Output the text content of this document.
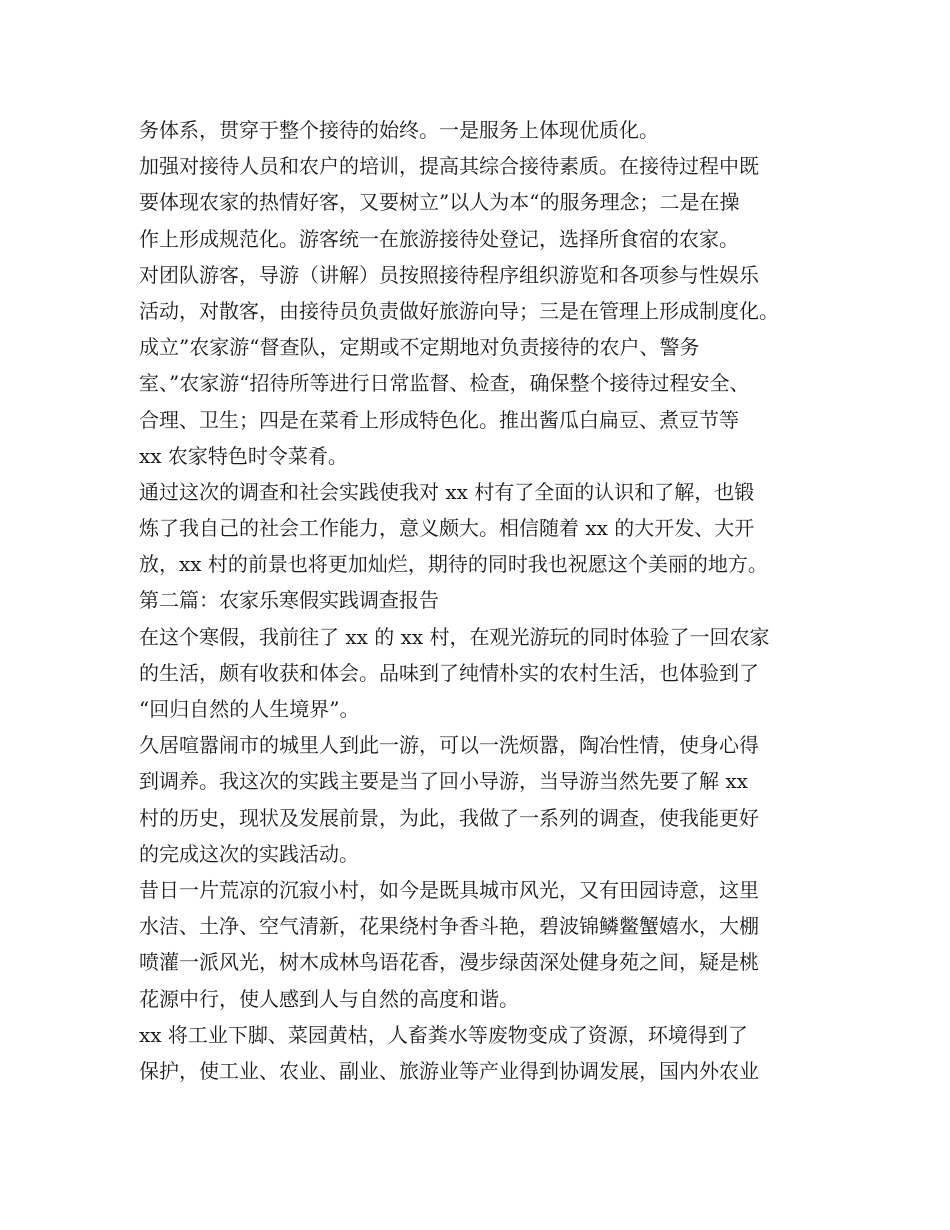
务体系，贯穿于整个接待的始终。一是服务上体现优质化。
加强对接待人员和农户的培训，提高其综合接待素质。在接待过程中既
要体现农家的热情好客，又要树立”以人为本“的服务理念；二是在操
作上形成规范化。游客统一在旅游接待处登记，选择所食宿的农家。
对团队游客，导游（讲解）员按照接待程序组织游览和各项参与性娱乐
活动，对散客，由接待员负责做好旅游向导；三是在管理上形成制度化。
成立”农家游“督查队，定期或不定期地对负责接待的农户、警务
室、”农家游“招待所等进行日常监督、检查，确保整个接待过程安全、
合理、卫生；四是在菜肴上形成特色化。推出酱瓜白扁豆、煮豆节等
xx 农家特色时令菜肴。
通过这次的调查和社会实践使我对 xx 村有了全面的认识和了解，也锻
炼了我自己的社会工作能力，意义颇大。相信随着 xx 的大开发、大开
放，xx 村的前景也将更加灿烂，期待的同时我也祝愿这个美丽的地方。
第二篇：农家乐寒假实践调查报告
在这个寒假，我前往了 xx 的 xx 村，在观光游玩的同时体验了一回农家
的生活，颇有收获和体会。品味到了纯情朴实的农村生活，也体验到了
“回归自然的人生境界”。
久居喧嚣闹市的城里人到此一游，可以一洗烦嚣，陶冶性情，使身心得
到调养。我这次的实践主要是当了回小导游，当导游当然先要了解 xx
村的历史，现状及发展前景，为此，我做了一系列的调查，使我能更好
的完成这次的实践活动。
昔日一片荒凉的沉寂小村，如今是既具城市风光，又有田园诗意，这里
水洁、土净、空气清新，花果绕村争香斗艳，碧波锦鳞鳖蟹嬉水，大棚
喷灌一派风光，树木成林鸟语花香，漫步绿茵深处健身苑之间，疑是桃
花源中行，使人感到人与自然的高度和谐。
xx 将工业下脚、菜园黄枯，人畜粪水等废物变成了资源，环境得到了
保护，使工业、农业、副业、旅游业等产业得到协调发展，国内外农业
